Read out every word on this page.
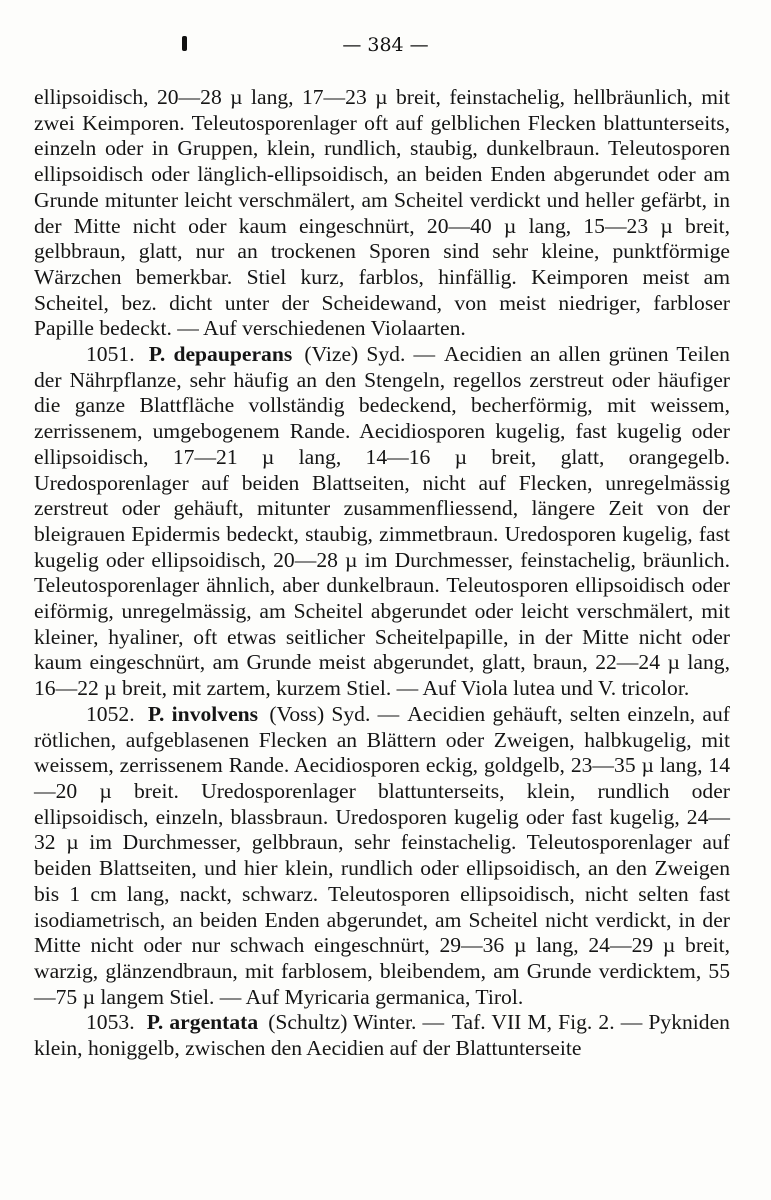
— 384 —

ellipsoidisch, 20—28 µ lang, 17—23 µ breit, feinstachelig, hellbräunlich, mit zwei Keimporen. Teleutosporenlager oft auf gelblichen Flecken blattunterseits, einzeln oder in Gruppen, klein, rundlich, staubig, dunkelbraun. Teleutosporen ellipsoidisch oder länglich-ellipsoidisch, an beiden Enden abgerundet oder am Grunde mitunter leicht verschmälert, am Scheitel verdickt und heller gefärbt, in der Mitte nicht oder kaum eingeschnürt, 20—40 µ lang, 15—23 µ breit, gelbbraun, glatt, nur an trockenen Sporen sind sehr kleine, punktförmige Wärzchen bemerkbar. Stiel kurz, farblos, hinfällig. Keimporen meist am Scheitel, bez. dicht unter der Scheidewand, von meist niedriger, farbloser Papille bedeckt. — Auf verschiedenen Violaarten.

1051. P. depauperans (Vize) Syd. — Aecidien an allen grünen Teilen der Nährpflanze, sehr häufig an den Stengeln, regellos zerstreut oder häufiger die ganze Blattfläche vollständig bedeckend, becherförmig, mit weissem, zerrissenem, umgebogenem Rande. Aecidiosporen kugelig, fast kugelig oder ellipsoidisch, 17—21 µ lang, 14—16 µ breit, glatt, orangegelb. Uredosporenlager auf beiden Blattseiten, nicht auf Flecken, unregelmässig zerstreut oder gehäuft, mitunter zusammenfliessend, längere Zeit von der bleigrauen Epidermis bedeckt, staubig, zimmetbraun. Uredosporen kugelig, fast kugelig oder ellipsoidisch, 20—28 µ im Durchmesser, feinstachelig, bräunlich. Teleutosporenlager ähnlich, aber dunkelbraun. Teleutosporen ellipsoidisch oder eiförmig, unregelmässig, am Scheitel abgerundet oder leicht verschmälert, mit kleiner, hyaliner, oft etwas seitlicher Scheitelpapille, in der Mitte nicht oder kaum eingeschnürt, am Grunde meist abgerundet, glatt, braun, 22—24 µ lang, 16—22 µ breit, mit zartem, kurzem Stiel. — Auf Viola lutea und V. tricolor.

1052. P. involvens (Voss) Syd. — Aecidien gehäuft, selten einzeln, auf rötlichen, aufgeblasenen Flecken an Blättern oder Zweigen, halbkugelig, mit weissem, zerrissenem Rande. Aecidiosporen eckig, goldgelb, 23—35 µ lang, 14—20 µ breit. Uredosporenlager blattunterseits, klein, rundlich oder ellipsoidisch, einzeln, blassbraun. Uredosporen kugelig oder fast kugelig, 24—32 µ im Durchmesser, gelbbraun, sehr feinstachelig. Teleutosporenlager auf beiden Blattseiten, und hier klein, rundlich oder ellipsoidisch, an den Zweigen bis 1 cm lang, nackt, schwarz. Teleutosporen ellipsoidisch, nicht selten fast isodiametrisch, an beiden Enden abgerundet, am Scheitel nicht verdickt, in der Mitte nicht oder nur schwach eingeschnürt, 29—36 µ lang, 24—29 µ breit, warzig, glänzendbraun, mit farblosem, bleibendem, am Grunde verdicktem, 55—75 µ langem Stiel. — Auf Myricaria germanica, Tirol.

1053. P. argentata (Schultz) Winter. — Taf. VII M, Fig. 2. — Pykniden klein, honiggelb, zwischen den Aecidien auf der Blattunterseite
